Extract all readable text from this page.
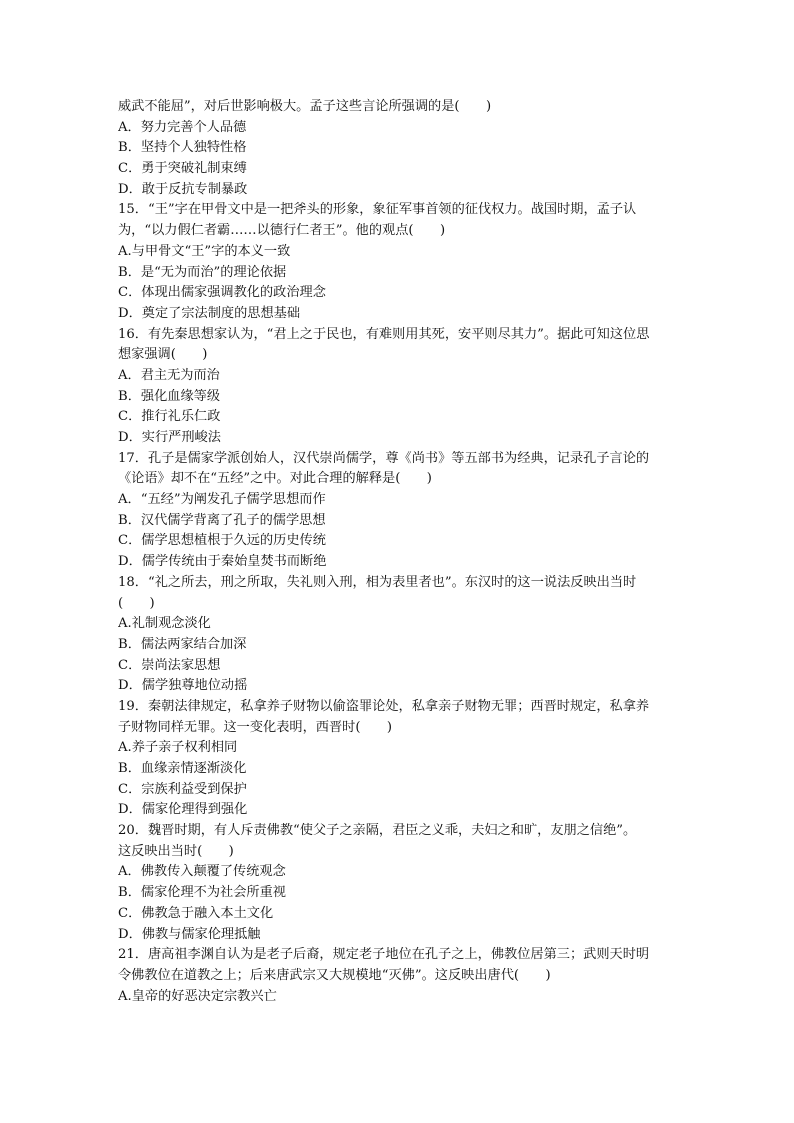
威武不能屈”，对后世影响极大。孟子这些言论所强调的是(　　)
A．努力完善个人品德
B．坚持个人独特性格
C．勇于突破礼制束缚
D．敢于反抗专制暴政
15．“王”字在甲骨文中是一把斧头的形象，象征军事首领的征伐权力。战国时期，孟子认
为，“以力假仁者霸……以德行仁者王”。他的观点(　　)
A.与甲骨文“王”字的本义一致
B．是“无为而治”的理论依据
C．体现出儒家强调教化的政治理念
D．奠定了宗法制度的思想基础
16．有先秦思想家认为，“君上之于民也，有难则用其死，安平则尽其力”。据此可知这位思
想家强调(　　)
A．君主无为而治
B．强化血缘等级
C．推行礼乐仁政
D．实行严刑峻法
17．孔子是儒家学派创始人，汉代崇尚儒学，尊《尚书》等五部书为经典，记录孔子言论的
《论语》却不在“五经”之中。对此合理的解释是(　　)
A．“五经”为阐发孔子儒学思想而作
B．汉代儒学背离了孔子的儒学思想
C．儒学思想植根于久远的历史传统
D．儒学传统由于秦始皇焚书而断绝
18．“礼之所去，刑之所取，失礼则入刑，相为表里者也”。东汉时的这一说法反映出当时
(　　)
A.礼制观念淡化
B．儒法两家结合加深
C．崇尚法家思想
D．儒学独尊地位动摇
19．秦朝法律规定，私拿养子财物以偷盗罪论处，私拿亲子财物无罪；西晋时规定，私拿养
子财物同样无罪。这一变化表明，西晋时(　　)
A.养子亲子权利相同
B．血缘亲情逐渐淡化
C．宗族利益受到保护
D．儒家伦理得到强化
20．魏晋时期，有人斥责佛教“使父子之亲隔，君臣之义乖，夫妇之和旷，友朋之信绝”。
这反映出当时(　　)
A．佛教传入颠覆了传统观念
B．儒家伦理不为社会所重视
C．佛教急于融入本土文化
D．佛教与儒家伦理抵触
21．唐高祖李渊自认为是老子后裔，规定老子地位在孔子之上，佛教位居第三；武则天时明
令佛教位在道教之上；后来唐武宗又大规模地“灭佛”。这反映出唐代(　　)
A.皇帝的好恶决定宗教兴亡
